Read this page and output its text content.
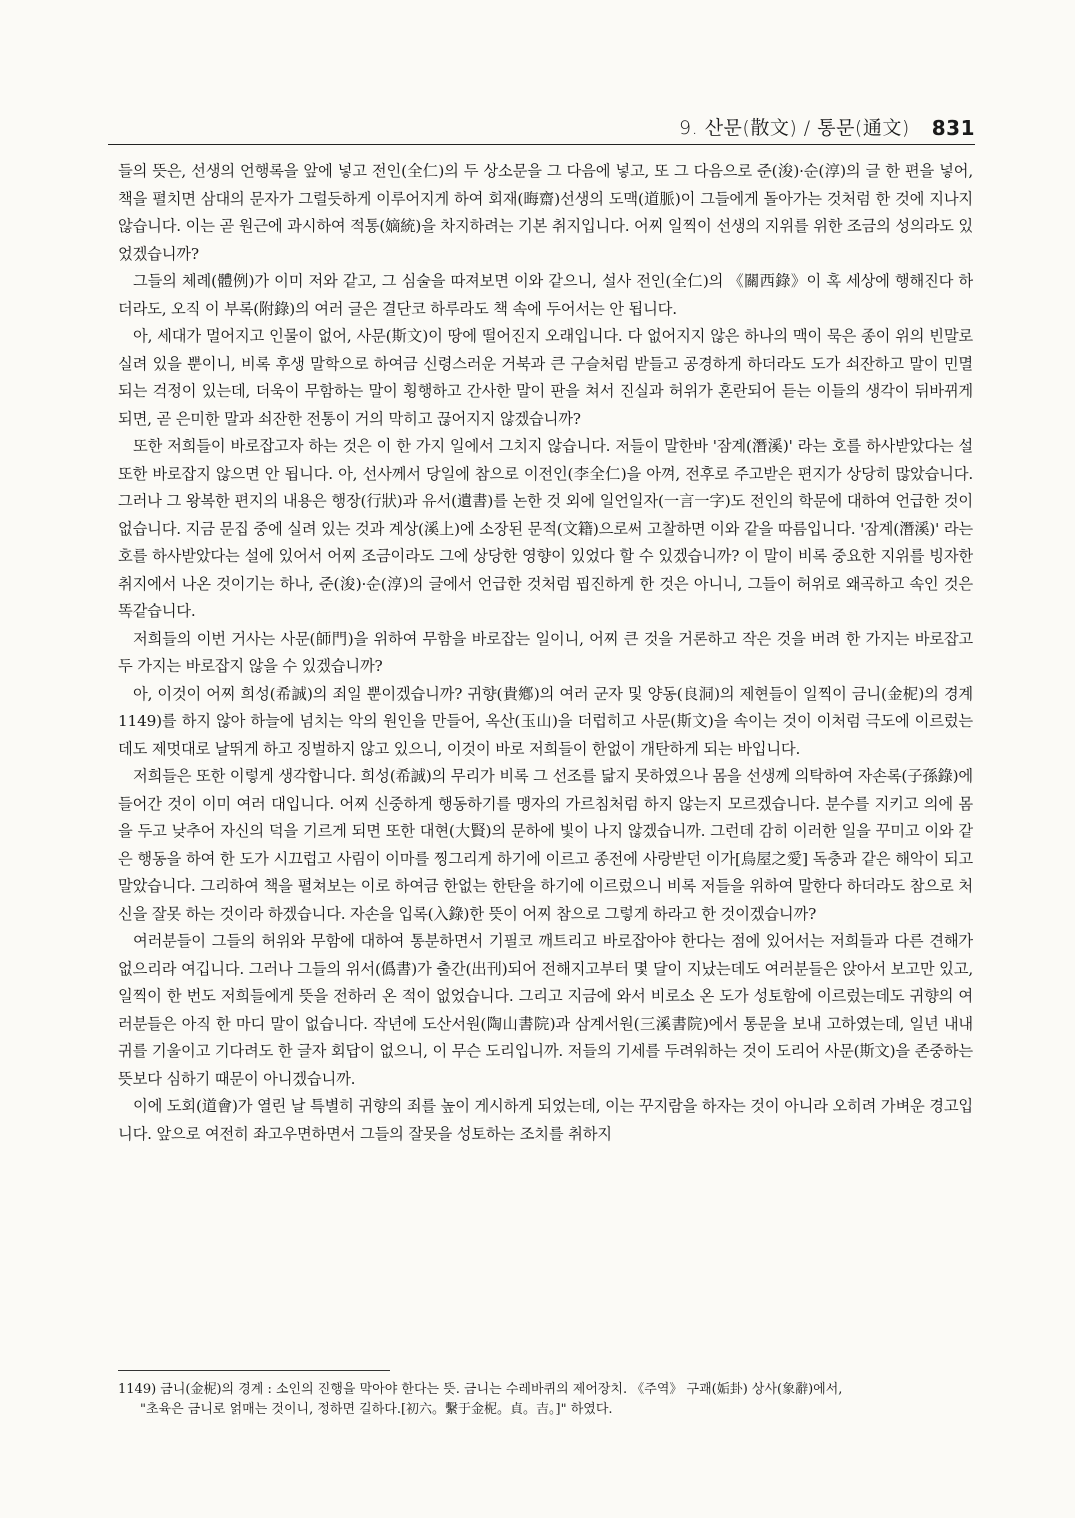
9. 산문(散文) / 통문(通文) 831

들의 뜻은, 선생의 언행록을 앞에 넣고 전인(全仁)의 두 상소문을 그 다음에 넣고, 또 그 다음으로 준(浚)·순(淳)의 글 한 편을 넣어, 책을 펼치면 삼대의 문자가 그럴듯하게 이루어지게 하여 회재(晦齋)선생의 도맥(道脈)이 그들에게 돌아가는 것처럼 한 것에 지나지 않습니다. 이는 곧 원근에 과시하여 적통(嫡統)을 차지하려는 기본 취지입니다. 어찌 일찍이 선생의 지위를 위한 조금의 성의라도 있었겠습니까?

그들의 체례(體例)가 이미 저와 같고, 그 심술을 따져보면 이와 같으니, 설사 전인(全仁)의 《關西錄》이 혹 세상에 행해진다 하더라도, 오직 이 부록(附錄)의 여러 글은 결단코 하루라도 책 속에 두어서는 안 됩니다.

아, 세대가 멀어지고 인물이 없어, 사문(斯文)이 땅에 떨어진지 오래입니다. 다 없어지지 않은 하나의 맥이 묵은 종이 위의 빈말로 실려 있을 뿐이니, 비록 후생 말학으로 하여금 신령스러운 거북과 큰 구슬처럼 받들고 공경하게 하더라도 도가 쇠잔하고 말이 민멸되는 걱정이 있는데, 더욱이 무함하는 말이 횡행하고 간사한 말이 판을 쳐서 진실과 허위가 혼란되어 듣는 이들의 생각이 뒤바뀌게 되면, 곧 은미한 말과 쇠잔한 전통이 거의 막히고 끊어지지 않겠습니까?

또한 저희들이 바로잡고자 하는 것은 이 한 가지 일에서 그치지 않습니다. 저들이 말한바 '잠계(潛溪)' 라는 호를 하사받았다는 설 또한 바로잡지 않으면 안 됩니다. 아, 선사께서 당일에 참으로 이전인(李全仁)을 아껴, 전후로 주고받은 편지가 상당히 많았습니다. 그러나 그 왕복한 편지의 내용은 행장(行狀)과 유서(遺書)를 논한 것 외에 일언일자(一言一字)도 전인의 학문에 대하여 언급한 것이 없습니다. 지금 문집 중에 실려 있는 것과 계상(溪上)에 소장된 문적(文籍)으로써 고찰하면 이와 같을 따름입니다. '잠계(潛溪)' 라는 호를 하사받았다는 설에 있어서 어찌 조금이라도 그에 상당한 영향이 있었다 할 수 있겠습니까? 이 말이 비록 중요한 지위를 빙자한 취지에서 나온 것이기는 하나, 준(浚)·순(淳)의 글에서 언급한 것처럼 핍진하게 한 것은 아니니, 그들이 허위로 왜곡하고 속인 것은 똑같습니다.

저희들의 이번 거사는 사문(師門)을 위하여 무함을 바로잡는 일이니, 어찌 큰 것을 거론하고 작은 것을 버려 한 가지는 바로잡고 두 가지는 바로잡지 않을 수 있겠습니까?

아, 이것이 어찌 희성(希誠)의 죄일 뿐이겠습니까? 귀향(貴鄕)의 여러 군자 및 양동(良洞)의 제현들이 일찍이 금니(金柅)의 경계1149)를 하지 않아 하늘에 넘치는 악의 원인을 만들어, 옥산(玉山)을 더럽히고 사문(斯文)을 속이는 것이 이처럼 극도에 이르렀는데도 제멋대로 날뛰게 하고 징벌하지 않고 있으니, 이것이 바로 저희들이 한없이 개탄하게 되는 바입니다.

저희들은 또한 이렇게 생각합니다. 희성(希誠)의 무리가 비록 그 선조를 닮지 못하였으나 몸을 선생께 의탁하여 자손록(子孫錄)에 들어간 것이 이미 여러 대입니다. 어찌 신중하게 행동하기를 맹자의 가르침처럼 하지 않는지 모르겠습니다. 분수를 지키고 의에 몸을 두고 낮추어 자신의 덕을 기르게 되면 또한 대현(大賢)의 문하에 빛이 나지 않겠습니까. 그런데 감히 이러한 일을 꾸미고 이와 같은 행동을 하여 한 도가 시끄럽고 사림이 이마를 찡그리게 하기에 이르고 종전에 사랑받던 이가[烏屋之愛] 독충과 같은 해악이 되고 말았습니다. 그리하여 책을 펼쳐보는 이로 하여금 한없는 한탄을 하기에 이르렀으니 비록 저들을 위하여 말한다 하더라도 참으로 처신을 잘못 하는 것이라 하겠습니다. 자손을 입록(入錄)한 뜻이 어찌 참으로 그렇게 하라고 한 것이겠습니까?

여러분들이 그들의 허위와 무함에 대하여 통분하면서 기필코 깨트리고 바로잡아야 한다는 점에 있어서는 저희들과 다른 견해가 없으리라 여깁니다. 그러나 그들의 위서(僞書)가 출간(出刊)되어 전해지고부터 몇 달이 지났는데도 여러분들은 앉아서 보고만 있고, 일찍이 한 번도 저희들에게 뜻을 전하러 온 적이 없었습니다. 그리고 지금에 와서 비로소 온 도가 성토함에 이르렀는데도 귀향의 여러분들은 아직 한 마디 말이 없습니다. 작년에 도산서원(陶山書院)과 삼계서원(三溪書院)에서 통문을 보내 고하였는데, 일년 내내 귀를 기울이고 기다려도 한 글자 회답이 없으니, 이 무슨 도리입니까. 저들의 기세를 두려워하는 것이 도리어 사문(斯文)을 존중하는 뜻보다 심하기 때문이 아니겠습니까.

이에 도회(道會)가 열린 날 특별히 귀향의 죄를 높이 게시하게 되었는데, 이는 꾸지람을 하자는 것이 아니라 오히려 가벼운 경고입니다. 앞으로 여전히 좌고우면하면서 그들의 잘못을 성토하는 조치를 취하지

1149) 금니(金柅)의 경계 : 소인의 진행을 막아야 한다는 뜻. 금니는 수레바퀴의 제어장치. 《주역》 구괘(姤卦) 상사(象辭)에서,

"초육은 금니로 얽매는 것이니, 정하면 길하다.[初六。繫于金柅。貞。吉。]" 하였다.
